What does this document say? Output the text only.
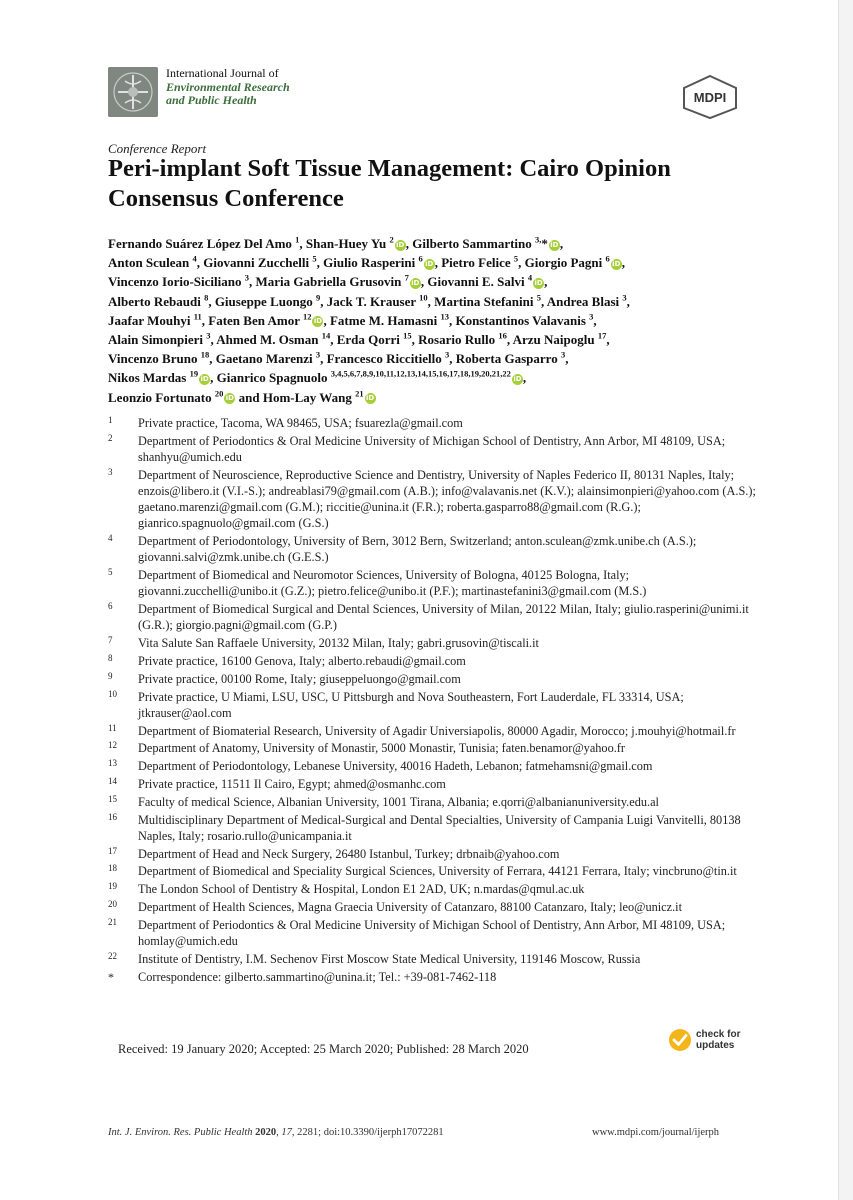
International Journal of
Environmental Research
and Public Health	MDPI
Conference Report
Peri-implant Soft Tissue Management: Cairo Opinion Consensus Conference
Fernando Suárez López Del Amo $^1$, Shan-Huey Yu $^2$ iD, Gilberto Sammartino $^{3,}$* iD,
Anton Sculean $^4$, Giovanni Zucchelli $^5$, Giulio Rasperini $^6$ iD, Pietro Felice $^5$, Giorgio Pagni $^6$ iD,
Vincenzo Iorio-Siciliano $^3$, Maria Gabriella Grusovin $^7$ iD, Giovanni E. Salvi $^4$ iD,
Alberto Rebaudi $^8$, Giuseppe Luongo $^9$, Jack T. Krauser $^{10}$, Martina Stefanini $^5$, Andrea Blasi $^3$,
Jaafar Mouhyi $^{11}$, Faten Ben Amor $^{12}$ iD, Fatme M. Hamasni $^{13}$, Konstantinos Valavanis $^3$,
Alain Simonpieri $^3$, Ahmed M. Osman $^{14}$, Erda Qorri $^{15}$, Rosario Rullo $^{16}$, Arzu Naipoglu $^{17}$,
Vincenzo Bruno $^{18}$, Gaetano Marenzi $^3$, Francesco Riccitiello $^3$, Roberta Gasparro $^3$,
Nikos Mardas $^{19}$ iD, Gianrico Spagnuolo $^{3,4,5,6,7,8,9,10,11,12,13,14,15,16,17,18,19,20,21,22}$ iD,
Leonzio Fortunato $^{20}$ iD and Hom-Lay Wang $^{21}$ iD
1	Private practice, Tacoma, WA 98465, USA; fsuarezla@gmail.com
2	Department of Periodontics & Oral Medicine University of Michigan School of Dentistry, Ann Arbor, MI 48109, USA; shanhyu@umich.edu
3	Department of Neuroscience, Reproductive Science and Dentistry, University of Naples Federico II, 80131 Naples, Italy; enzois@libero.it (V.I.-S.); andreablasi79@gmail.com (A.B.); info@valavanis.net (K.V.); alainsimonpieri@yahoo.com (A.S.); gaetano.marenzi@gmail.com (G.M.); riccitie@unina.it (F.R.); roberta.gasparro88@gmail.com (R.G.); gianrico.spagnuolo@gmail.com (G.S.)
4	Department of Periodontology, University of Bern, 3012 Bern, Switzerland; anton.sculean@zmk.unibe.ch (A.S.); giovanni.salvi@zmk.unibe.ch (G.E.S.)
5	Department of Biomedical and Neuromotor Sciences, University of Bologna, 40125 Bologna, Italy; giovanni.zucchelli@unibo.it (G.Z.); pietro.felice@unibo.it (P.F.); martinastefanini3@gmail.com (M.S.)
6	Department of Biomedical Surgical and Dental Sciences, University of Milan, 20122 Milan, Italy; giulio.rasperini@unimi.it (G.R.); giorgio.pagni@gmail.com (G.P.)
7	Vita Salute San Raffaele University, 20132 Milan, Italy; gabri.grusovin@tiscali.it
8	Private practice, 16100 Genova, Italy; alberto.rebaudi@gmail.com
9	Private practice, 00100 Rome, Italy; giuseppeluongo@gmail.com
10	Private practice, U Miami, LSU, USC, U Pittsburgh and Nova Southeastern, Fort Lauderdale, FL 33314, USA; jtkrauser@aol.com
11	Department of Biomaterial Research, University of Agadir Universiapolis, 80000 Agadir, Morocco; j.mouhyi@hotmail.fr
12	Department of Anatomy, University of Monastir, 5000 Monastir, Tunisia; faten.benamor@yahoo.fr
13	Department of Periodontology, Lebanese University, 40016 Hadeth, Lebanon; fatmehamsni@gmail.com
14	Private practice, 11511 Il Cairo, Egypt; ahmed@osmanhc.com
15	Faculty of medical Science, Albanian University, 1001 Tirana, Albania; e.qorri@albanianuniversity.edu.al
16	Multidisciplinary Department of Medical-Surgical and Dental Specialties, University of Campania Luigi Vanvitelli, 80138 Naples, Italy; rosario.rullo@unicampania.it
17	Department of Head and Neck Surgery, 26480 Istanbul, Turkey; drbnaib@yahoo.com
18	Department of Biomedical and Speciality Surgical Sciences, University of Ferrara, 44121 Ferrara, Italy; vincbruno@tin.it
19	The London School of Dentistry & Hospital, London E1 2AD, UK; n.mardas@qmul.ac.uk
20	Department of Health Sciences, Magna Graecia University of Catanzaro, 88100 Catanzaro, Italy; leo@unicz.it
21	Department of Periodontics & Oral Medicine University of Michigan School of Dentistry, Ann Arbor, MI 48109, USA; homlay@umich.edu
22	Institute of Dentistry, I.M. Sechenov First Moscow State Medical University, 119146 Moscow, Russia
*	Correspondence: gilberto.sammartino@unina.it; Tel.: +39-081-7462-118
Received: 19 January 2020; Accepted: 25 March 2020; Published: 28 March 2020
check for
updates
Int. J. Environ. Res. Public Health 2020, 17, 2281; doi:10.3390/ijerph17072281	www.mdpi.com/journal/ijerph
